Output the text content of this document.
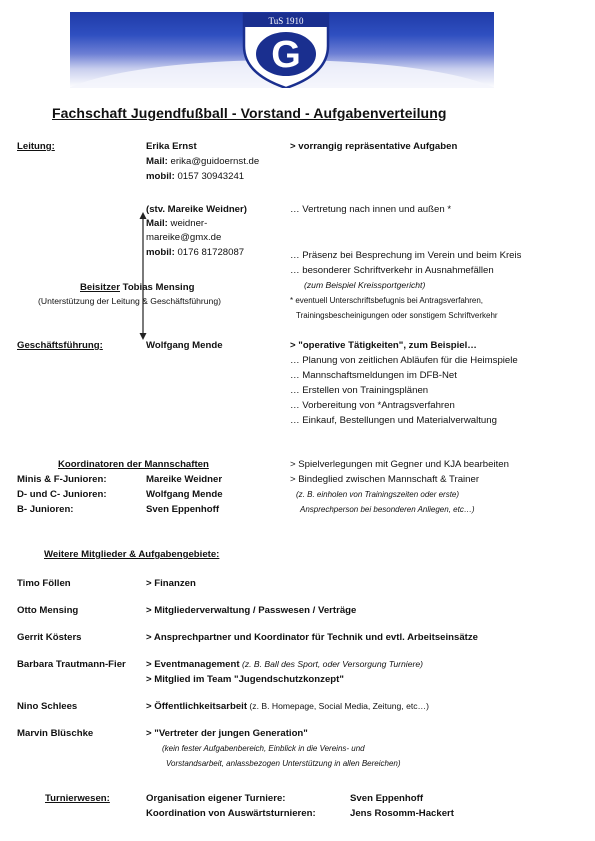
TuS 1910
G
Fachschaft Jugendfußball - Vorstand - Aufgabenverteilung
Leitung:	Erika Ernst
Mail: erika@guidoernst.de
mobil: 0157 30943241
> vorrangig repräsentative Aufgaben
(stv. Mareike Weidner)
Mail: weidner-
mareike@gmx.de
mobil: 0176 81728087
… Vertretung nach innen und außen *
… Präsenz bei Besprechung im Verein und beim Kreis
… besonderer Schriftverkehr in Ausnahmefällen
(zum Beispiel Kreissportgericht)
* eventuell Unterschriftsbefugnis bei Antragsverfahren,
Trainingsbescheinigungen oder sonstigem Schriftverkehr
Beisitzer Tobias Mensing
(Unterstützung der Leitung & Geschäftsführung)
Geschäftsführung:	Wolfgang Mende	> "operative Tätigkeiten", zum Beispiel…
… Planung von zeitlichen Abläufen für die Heimspiele
… Mannschaftsmeldungen im DFB-Net
… Erstellen von Trainingsplänen
… Vorbereitung von *Antragsverfahren
… Einkauf, Bestellungen und Materialverwaltung
Koordinatoren der Mannschaften
Minis & F-Junioren:	Mareike Weidner
D- und C- Junioren:	Wolfgang Mende
B- Junioren:	Sven Eppenhoff
> Spielverlegungen mit Gegner und KJA bearbeiten
> Bindeglied zwischen Mannschaft & Trainer
(z. B. einholen von Trainingszeiten oder erste)
Ansprechperson bei besonderen Anliegen, etc…)
Weitere Mitglieder & Aufgabengebiete:
Timo Föllen	> Finanzen
Otto Mensing	> Mitgliederverwaltung / Passwesen / Verträge
Gerrit Kösters	> Ansprechpartner und Koordinator für Technik und evtl. Arbeitseinsätze
Barbara Trautmann-Fier > Eventmanagement (z. B. Ball des Sport, oder Versorgung Turniere)
> Mitglied im Team "Jugendschutzkonzept"
Nino Schlees	> Öffentlichkeitsarbeit (z. B. Homepage, Social Media, Zeitung, etc…)
Marvin Blüschke	> "Vertreter der jungen Generation"
(kein fester Aufgabenbereich, Einblick in die Vereins- und
Vorstandsarbeit, anlassbezogen Unterstützung in allen Bereichen)
Turnierwesen:	Organisation eigener Turniere:	Sven Eppenhoff
Koordination von Auswärtsturnieren:	Jens Rosomm-Hackert
